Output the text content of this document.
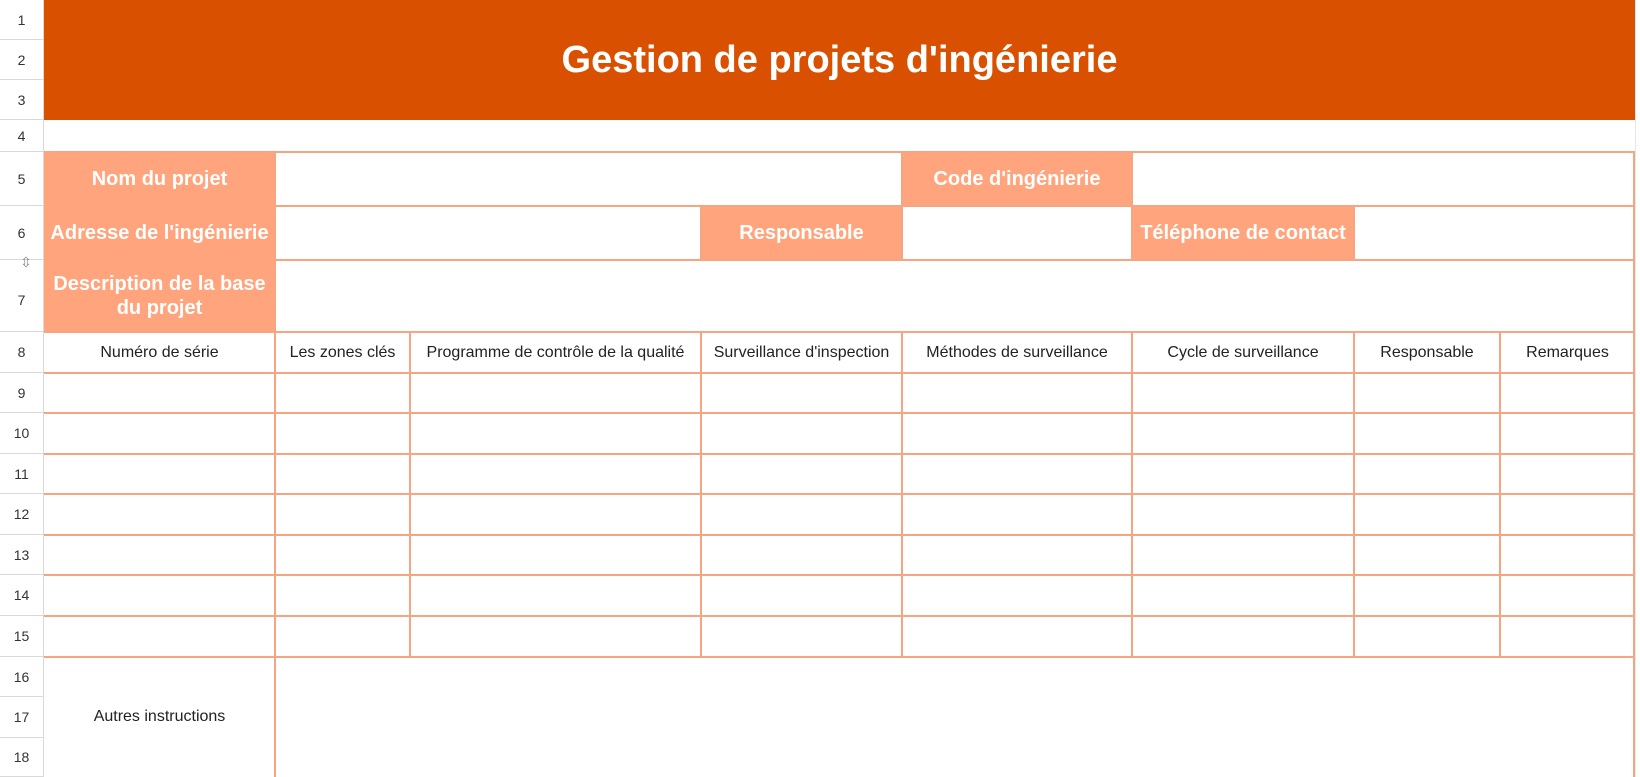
1
2
3
4
5
6
7
8
9
10
11
12
13
14
15
16
17
18
⇳
Gestion de projets d'ingénierie
Nom du projet	Code d'ingénierie
Adresse de l'ingénierie	Responsable	Téléphone de contact
Description de la base du projet
Numéro de série	Les zones clés	Programme de contrôle de la qualité	Surveillance d'inspection	Méthodes de surveillance	Cycle de surveillance	Responsable	Remarques
Autres instructions
